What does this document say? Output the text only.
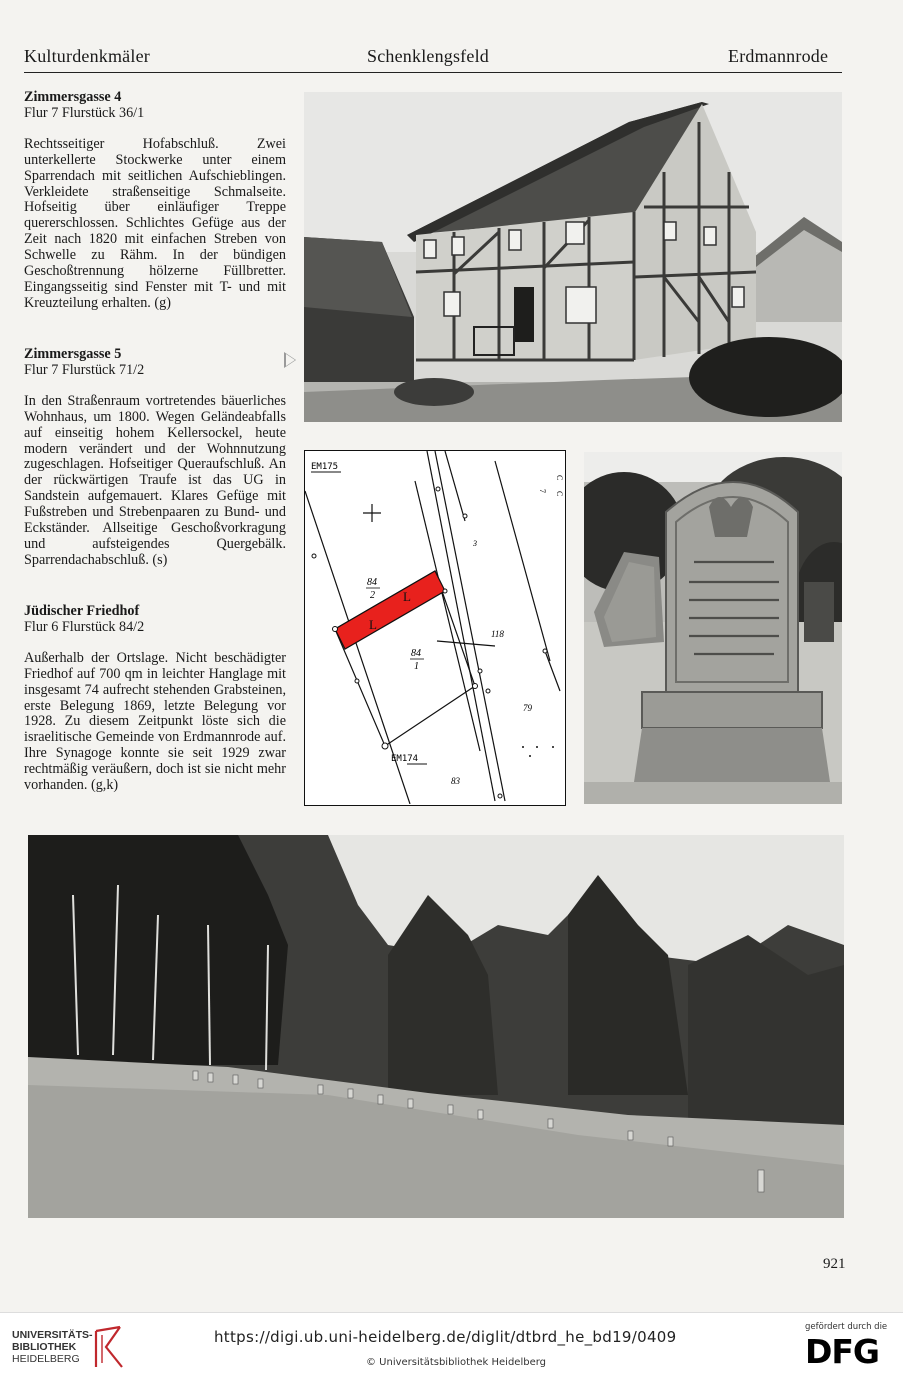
Kulturdenkmäler	Schenklengsfeld	Erdmannrode
Zimmersgasse 4
Flur 7 Flurstück 36/1

Rechtsseitiger Hofabschluß. Zwei unterkellerte Stockwerke unter einem Sparrendach mit seitlichen Aufschieblingen. Verkleidete straßenseitige Schmalseite. Hofseitig über einläufiger Treppe quererschlossen. Schlichtes Gefüge aus der Zeit nach 1820 mit einfachen Streben von Schwelle zu Rähm. In der bündigen Geschoßtrennung hölzerne Füllbretter. Eingangsseitig sind Fenster mit T- und mit Kreuzteilung erhalten. (g)

Zimmersgasse 5
Flur 7 Flurstück 71/2

In den Straßenraum vortretendes bäuerliches Wohnhaus, um 1800. Wegen Geländeabfalls auf einseitig hohem Kellersockel, heute modern verändert und der Wohnnutzung zugeschlagen. Hofseitiger Queraufschluß. An der rückwärtigen Traufe ist das UG in Sandstein aufgemauert. Klares Gefüge mit Fußstreben und Strebenpaaren zu Bund- und Eckständer. Allseitige Geschoßvorkragung und aufsteigendes Quergebälk. Sparrendachabschluß. (s)

Jüdischer Friedhof
Flur 6 Flurstück 84/2

Außerhalb der Ortslage. Nicht beschädigter Friedhof auf 700 qm in leichter Hanglage mit insgesamt 74 aufrecht stehenden Grabsteinen, erste Belegung 1869, letzte Belegung vor 1928. Zu diesem Zeitpunkt löste sich die israelitische Gemeinde von Erdmannrode auf. Ihre Synagoge konnte sie seit 1929 zwar rechtmäßig veräußern, doch ist sie nicht mehr vorhanden. (g,k)

EM175
EM174
84
2
84
1
L
L
118
79
83
3
C
C
7
921
UNIVERSITÄTS-
BIBLIOTHEK
HEIDELBERG
https://digi.ub.uni-heidelberg.de/diglit/dtbrd_he_bd19/0409
© Universitätsbibliothek Heidelberg
gefördert durch die
DFG
